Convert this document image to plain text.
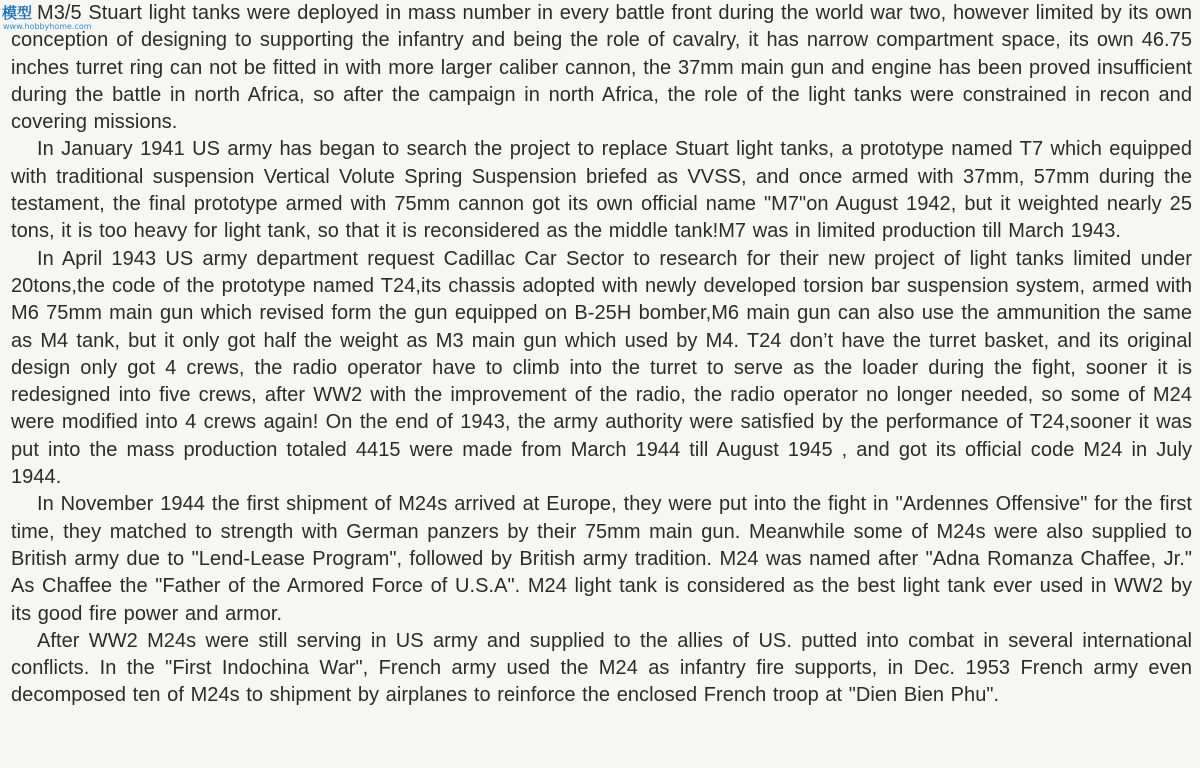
M3/5 Stuart light tanks were deployed in mass number in every battle front during the world war two, however limited by its own conception of designing to supporting the infantry and being the role of cavalry, it has narrow compartment space, its own 46.75 inches turret ring can not be fitted in with more larger caliber cannon, the 37mm main gun and engine has been proved insufficient during the battle in north Africa, so after the campaign in north Africa, the role of the light tanks were constrained in recon and covering missions.

In January 1941 US army has began to search the project to replace Stuart light tanks, a prototype named T7 which equipped with traditional suspension Vertical Volute Spring Suspension briefed as VVSS, and once armed with 37mm, 57mm during the testament, the final prototype armed with 75mm cannon got its own official name "M7"on August 1942, but it weighted nearly 25 tons, it is too heavy for light tank, so that it is reconsidered as the middle tank!M7 was in limited production till March 1943.

In April 1943 US army department request Cadillac Car Sector to research for their new project of light tanks limited under 20tons,the code of the prototype named T24,its chassis adopted with newly developed torsion bar suspension system, armed with M6 75mm main gun which revised form the gun equipped on B-25H bomber,M6 main gun can also use the ammunition the same as M4 tank, but it only got half the weight as M3 main gun which used by M4. T24 don’t have the turret basket, and its original design only got 4 crews, the radio operator have to climb into the turret to serve as the loader during the fight, sooner it is redesigned into five crews, after WW2 with the improvement of the radio, the radio operator no longer needed, so some of M24 were modified into 4 crews again! On the end of 1943, the army authority were satisfied by the performance of T24,sooner it was put into the mass production totaled 4415 were made from March 1944 till August 1945 , and got its official code M24 in July 1944.

In November 1944 the first shipment of M24s arrived at Europe, they were put into the fight in "Ardennes Offensive" for the first time, they matched to strength with German panzers by their 75mm main gun. Meanwhile some of M24s were also supplied to British army due to "Lend-Lease Program", followed by British army tradition. M24 was named after "Adna Romanza Chaffee, Jr." As Chaffee the "Father of the Armored Force of U.S.A". M24 light tank is considered as the best light tank ever used in WW2 by its good fire power and armor.

After WW2 M24s were still serving in US army and supplied to the allies of US. putted into combat in several international conflicts. In the "First Indochina War", French army used the M24 as infantry fire supports, in Dec. 1953 French army even decomposed ten of M24s to shipment by airplanes to reinforce the enclosed French troop at "Dien Bien Phu".

模型
www.hobbyhome.com
